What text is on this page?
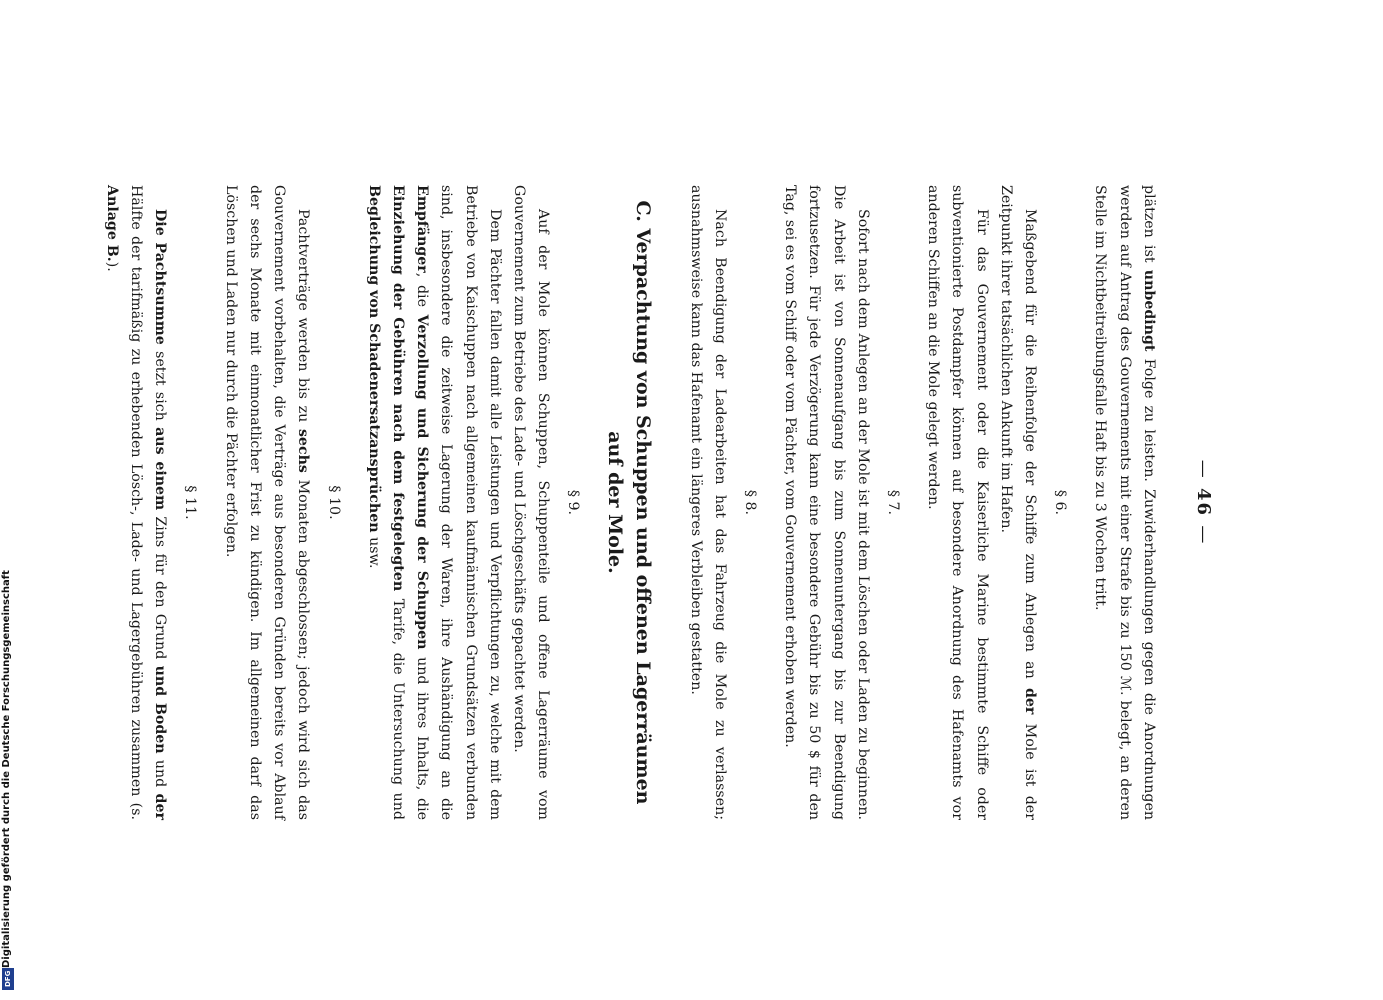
— 46 —

plätzen ist unbedingt Folge zu leisten. Zuwiderhandlungen gegen die Anordnungen werden auf Antrag des Gouvernements mit einer Strafe bis zu 150 ℳ. belegt, an deren Stelle im Nichtbeitreibungsfalle Haft bis zu 3 Wochen tritt.

§ 6.

Maßgebend für die Reihenfolge der Schiffe zum Anlegen an der Mole ist der Zeitpunkt ihrer tatsächlichen Ankunft im Hafen.

Für das Gouvernement oder die Kaiserliche Marine bestimmte Schiffe oder subventionierte Postdampfer können auf besondere Anordnung des Hafenamts vor anderen Schiffen an die Mole gelegt werden.

§ 7.

Sofort nach dem Anlegen an der Mole ist mit dem Löschen oder Laden zu beginnen. Die Arbeit ist von Sonnenaufgang bis zum Sonnenuntergang bis zur Beendigung fortzusetzen. Für jede Verzögerung kann eine besondere Gebühr bis zu 50 $ für den Tag, sei es vom Schiff oder vom Pächter, vom Gouvernement erhoben werden.

§ 8.

Nach Beendigung der Ladearbeiten hat das Fahrzeug die Mole zu verlassen; ausnahmsweise kann das Hafenamt ein längeres Verbleiben gestatten.

C. Verpachtung von Schuppen und offenen Lagerräumen
auf der Mole.
§ 9.

Auf der Mole können Schuppen, Schuppenteile und offene Lagerräume vom Gouvernement zum Betriebe des Lade- und Löschgeschäfts gepachtet werden.

Dem Pächter fallen damit alle Leistungen und Verpflichtungen zu, welche mit dem Betriebe von Kaischuppen nach allgemeinen kaufmännischen Grundsätzen verbunden sind, insbesondere die zeitweise Lagerung der Waren, ihre Aushändigung an die Empfänger, die Verzollung und Sicherung der Schuppen und ihres Inhalts, die Einziehung der Gebühren nach dem festgelegten Tarife, die Untersuchung und Begleichung von Schadenersatzansprüchen usw.

§ 10.

Pachtverträge werden bis zu sechs Monaten abgeschlossen; jedoch wird sich das Gouvernement vorbehalten, die Verträge aus besonderen Gründen bereits vor Ablauf der sechs Monate mit einmonatlicher Frist zu kündigen. Im allgemeinen darf das Löschen und Laden nur durch die Pächter erfolgen.

§ 11.

Die Pachtsumme setzt sich aus einem Zins für den Grund und Boden und der Hälfte der tarifmäßig zu erhebenden Lösch-, Lade- und Lagergebühren zusammen (s. Anlage B.).

Digitalisierung gefördert durch die Deutsche Forschungsgemeinschaft
DFG
